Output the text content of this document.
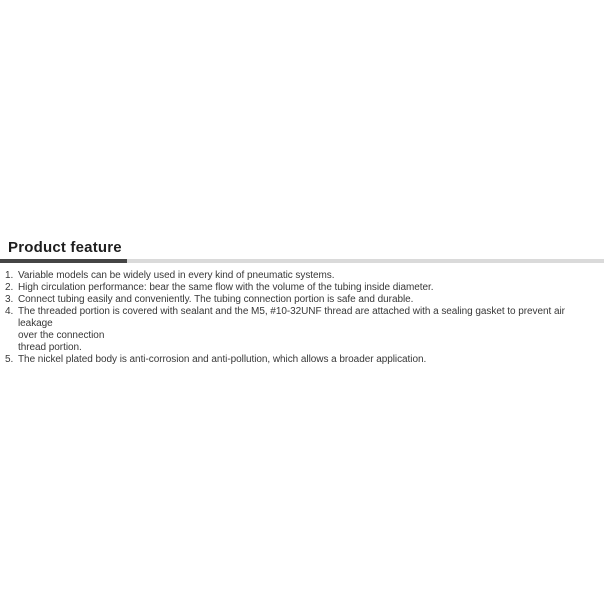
Product feature
1. Variable models can be widely used in every kind of pneumatic systems.
2. High circulation performance: bear the same flow with the volume of the tubing inside diameter.
3. Connect tubing easily and conveniently. The tubing connection portion is safe and durable.
4. The threaded portion is covered with sealant and the M5, #10-32UNF thread are attached with a sealing gasket to prevent air leakage
over the connection
thread portion.
5. The nickel plated body is anti-corrosion and anti-pollution, which allows a broader application.
